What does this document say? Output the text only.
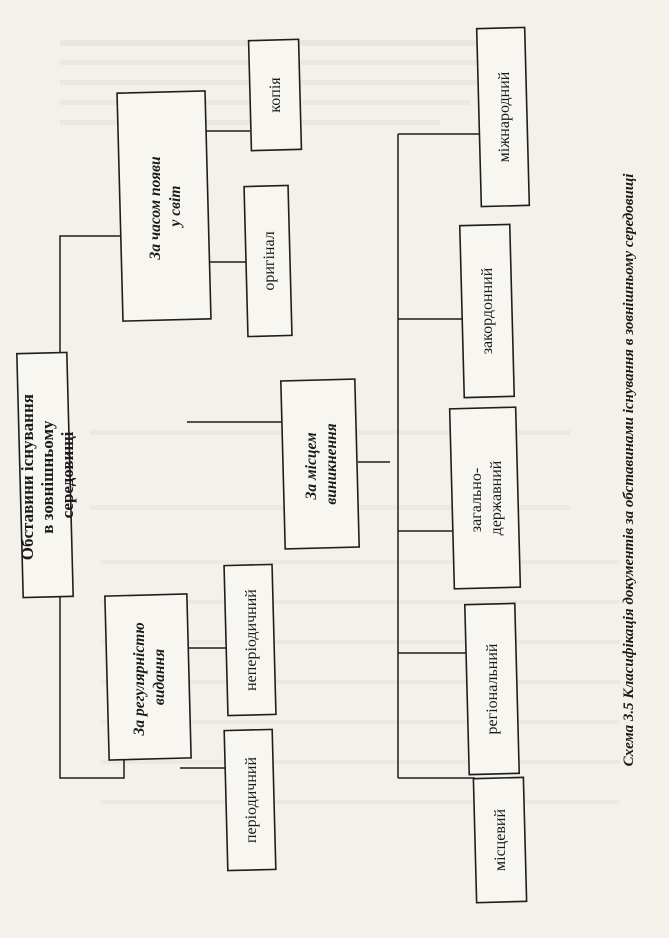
Обставини існування в зовнішньому середовищі
За часом появи у світ
копія
оригінал
За регулярністю видання	неперіодичний
періодичний
За місцем виникнення
міжнародний
закордонний
загально- державний
регіональний
місцевий
Схема 3.5 Класифікація документів за обставинами існування в зовнішньому середовищі
